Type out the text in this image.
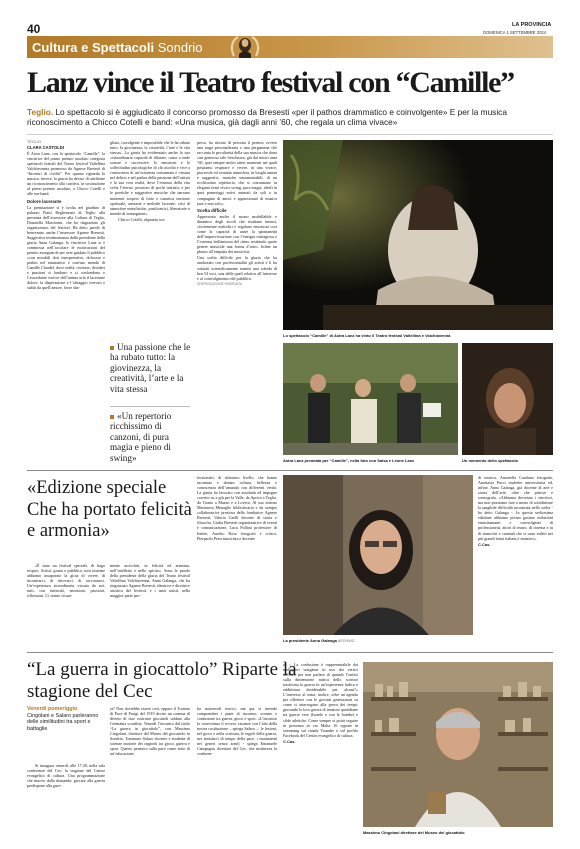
40	LA PROVINCIA
DOMENICA 1 SETTEMBRE 2024
Cultura e Spettacoli Sondrio
Lanz vince il Teatro festival con “Camille”
Teglio. Lo spettacolo si è aggiudicato il concorso promosso da Bresesti «per il pathos drammatico e coinvolgente» E per la musica riconoscimento a Chicco Cotelli e band: «Una musica, già dagli anni ’60, che regala un clima vivace»
TEGLIO
CLARA CASTOLDI

È Astra Lanz, con lo spettacolo “Camille”, la vincitrice del primo premio assoluto categoria spettacoli teatrali del Teatro festival Valtellina Valchiavenna promosso da Agnese Bresesti di “Incontri di civiltà”. Per quanto riguarda la musica, invece, la giuria ha deciso di attribuire un riconoscimento alla carriera, in sostituzione al primo premio assoluto, a Chicco Cotelli e alle sue band.

Dolore lacerante

La premiazione si è svolta nel giardino di palazzo Piatti Reghenzani di Teglio alla presenza dell’assessore alla Cultura di Teglio, Donatella Marcionni, che ha ringraziato gli organizzatori del festival. Ha detto parole di benvenuto anche l’assessore Agnese Bresesti. Suggestiva testimonianza dalla presidente della giuria Anna Galanga, la vincitrice Lanz si è commossa nell’accolare le motivazioni del premio assegnatole per aver guidato il pubblico «con mirabili doti interpretative, dolcezza e pathos nel traumatico e confuso mondo di Camille Claudel, dove realtà, certezze, desideri e passioni si fondono e si confondono e l’assordante vortice dell’anima urla il lacerante dolore, la disperazione e l’oltraggio ricevuti e subìti da quell’amore, forse sba-

gliato, travolgente e impossibile che le ha rubato tutto: la giovinezza, la creatività, l’arte e la vita stessa». La giuria ha evidenziato anche la sua «straordinaria capacità di dilatare, come a onde sonore e successive, le emozioni e le sollecitudini psicologiche di chi ascolta e vive a conoscenza di un’esistenza consumata e vissuta nel delirio e nel pathos della passione dell’artista e la sua vera realtà, dove l’essenza della vita svela l’eterno, possesso di pochi iniziati» e per le poetiche e suggestive musiche che narrano momenti sospesi di forte e catartica tensione spirituale, armonie e melodie lacerate, crisi di atmosfere metafisiche, purificatrici, liberatorie e monde di immaginari».

Chicco Cotelli, alquanto sor-

Una passione che le ha rubato tutto: la giovinezza, la creatività, l’arte e la vita stessa
«Un repertorio ricchissimo di canzoni, di pura magia e pieno di swing»

preso, ha ritirato di persona il premio ovvero una targa personalizzata e una pergamena che racconta le peculiarità della sua musica che dona «un generoso tale freschezza, già dai mitici anni ’60, quei sempre molto attesi momenti nei quali possiamo respirare e vivere, in una vivace, piacevole ed ovattata atmosfera, in luoghi ameni e suggestivi, musiche intramontabili, di un ricchissimo repertorio, che si consumano in eleganti ritmi vivaci swing, pura magia, ideali in quei pomeriggi estivi animati da soli o in compagnia di amici e appassionati di musica jazz e non solo».

Scelta difficile

Apprezzato anche il suono modellabile e dinamico degli ascoli che risultano intensi, «fortemente melodici e regalano emozioni così come la capacità di unire la spontaneità dell’improvvisazione con l’energia contagiosa e l’estrema brillantezza del ritmo resalando quote genere musicale una forma d’arte». Infine un plauso all’empatia dei musicisti.

Una scelta difficile per la giuria che ha analizzato con professionalità gli artisti e li ha valutati scientificamente tramite una scheda di ben 54 voci, una delle quali relativa all’interesse e al coinvolgimento del pubblico.

©RIPRODUZIONE RISERVATA
Lo spettacolo “Camille” di Astra Lanz ha vinto il Teatro festival Valtellina e Valchiavenna
Astra Lanz premiata per “Camille”, nella foto con Salsa e Leone Lanz	Un momento dello spettacolo
«Edizione speciale Che ha portato felicità e armonia»

«È stato un festival speciale, di largo respiro. Artisti, giuria e pubblico, tutti insieme abbiamo assaporato la gioia di vivere, di incontrarci, di ritrovarci, di raccontarci. Un’esperienza straordinaria vissuta da noi, tutti, con intensità, emozioni, passioni, riflessioni. Ci siamo sicura-

mente arricchiti, in felicità ed armonia, nell’intelletto e nello spirito». Sono le parole della presidente della giuria del Teatro festival Valtellina Valchiavenna, Anna Galanga, che ha ringraziato Agnese Bresesti, ideatrice e direttrice artistica del festival, e i tanti artisti, nella maggior parte pro-

fessionisti, di altissimo livello, che hanno incantato e donato cultura, bellezza e conoscenza dell’umanità con differenti verità. La giuria ha lavorato con assiduità ed impegno corretto su e giù per la Valle, da Aprica a Teglio, da Tirano a Mazzo e a Lovero. Al suo interno Mariarosa Menaglio bibliotecaria e da sempre collaboratrice preziosa della fondatrice Agnese Bresesti, Valeria Caelli docente di storia e filosofia, Giulia Bresesti organizzatrice di eventi e comunicazione, Luca Pollani professore di lettere, Aurelio Rosa fotografo e critico, Pierpaolo Persi musicista e docente

La presidente Anna Galanga ARCHIVIO

di musica, Antonella Catalano fotografa, Anastasia Pucci studente universitaria ed, infine, Anna Galanga, già docente di arte e storia dell’arte, oltre che pittrice e scenografa. «Abbiamo decretato i vincitori, ma non possiamo fare a meno di sottolineare la tangibile difficoltà incontrata nella scelta - ha detto Galanga -. In questa sedicesima edizione abbiamo potuto gustare esibizioni entusiasmanti e coinvolgenti di professionisti, attori di teatro, di cinema e tu di musicisti e cantanti che si sono esibiti nei più grandi teatri italiani e stranieri».

C.Cas.
“La guerra in giocattolo” Riparte la stagione del Cec
Venerdì pomeriggio
Cingolani e Salaro parleranno delle similitudini tra sport e battaglie

Si inaugura venerdì, alle 17,30, nella sala conferenze del Cec, la stagione del Centro evangelico di cultura. Una programmazione che muove dalla domanda: giocare alla guerra predispone alla guer-

ra? Non dovrebbe essere così, eppure il Trattato di Pace di Parigi del 1919 decise un comma di divieto di fare costruire giocattoli soldato alla Germania sconfitta. Venerdì l’incontro dal titolo “La guerra in giocattolo”, con Massimo Cingolani, direttore del Museo del giocattolo in Sondrio, Tommaso Salaro docente e studente di scienze motorie dei rapporti tra gioco, guerra e sport. Questo pensiero sulla pace come esito di un’educazione

ha autorevoli teorici, ma qui si intende comprendere i piani di incontro, scontro e confusione tra guerra, gioco e sport. «L’incontro lo osserviamo li ovvero vacanze con l’alto della nostra costituzione – spiega Salaro –: le lezioni, nel gioco e nella scrittura, le regole della guerra, nei simulacri di tempo della pace, i mutamenti nei generi senza armi) - spiega Emanuele Campagna, direttore del Cec, che moderava la conferen-

za -. La confusione è rappresentabile dai molteplici wargame in uso dai vertici militari, per non parlare di quando l’enfasi sulla dimensione mitica dello scontro trasforma la guerra in un’esperienza ludica e addirittura desiderabile per alcuni?» L’interesse al tema, inoltre, offre un’agenda per riflettere con le giovani generazioni su come si interrogano alla prova dei tempi: giocando lo loro guerra di tensioni quotidiane tra guerre vere (Israele e con le bombe) e sfide atletiche. Come sempre si potrà seguire in presenza in via Malta 16 oppure in streaming sul canale Youtube o sul profilo Facebook del Centro evangelico di cultura.

C.Cas.
Massimo Cingolani direttore del Museo del giocattolo
